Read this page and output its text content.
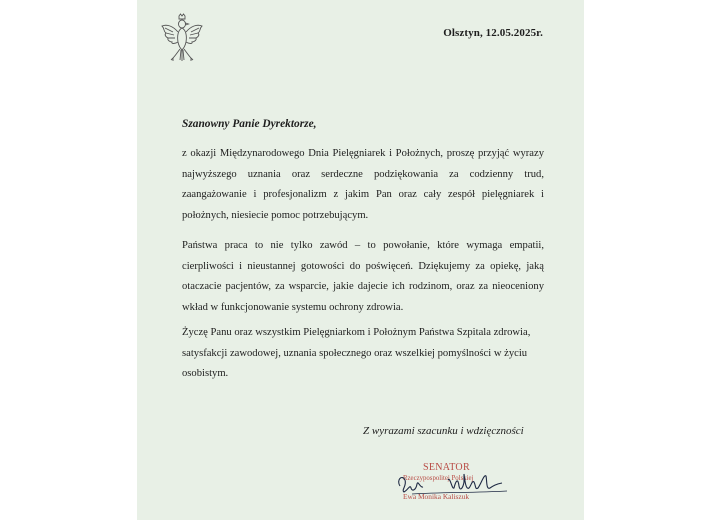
Olsztyn, 12.05.2025r.
Szanowny Panie Dyrektorze,

z okazji Międzynarodowego Dnia Pielęgniarek i Położnych, proszę przyjąć wyrazy najwyższego uznania oraz serdeczne podziękowania za codzienny trud, zaangażowanie i profesjonalizm z jakim Pan oraz cały zespół pielęgniarek i położnych, niesiecie pomoc potrzebującym.

Państwa praca to nie tylko zawód – to powołanie, które wymaga empatii, cierpliwości i nieustannej gotowości do poświęceń. Dziękujemy za opiekę, jaką otaczacie pacjentów, za wsparcie, jakie dajecie ich rodzinom, oraz za nieocenionу wkład w funkcjonowanie systemu ochrony zdrowia.

Życzę Panu oraz wszystkim Pielęgniarkom i Położnym Państwa Szpitala zdrowia, satysfakcji zawodowej, uznania społecznego oraz wszelkiej pomyślności w życiu osobistym.

Z wyrazami szacunku i wdzięczności
SENATOR
Rzeczypospolitej Polskiej
Ewa Monika Kaliszuk
